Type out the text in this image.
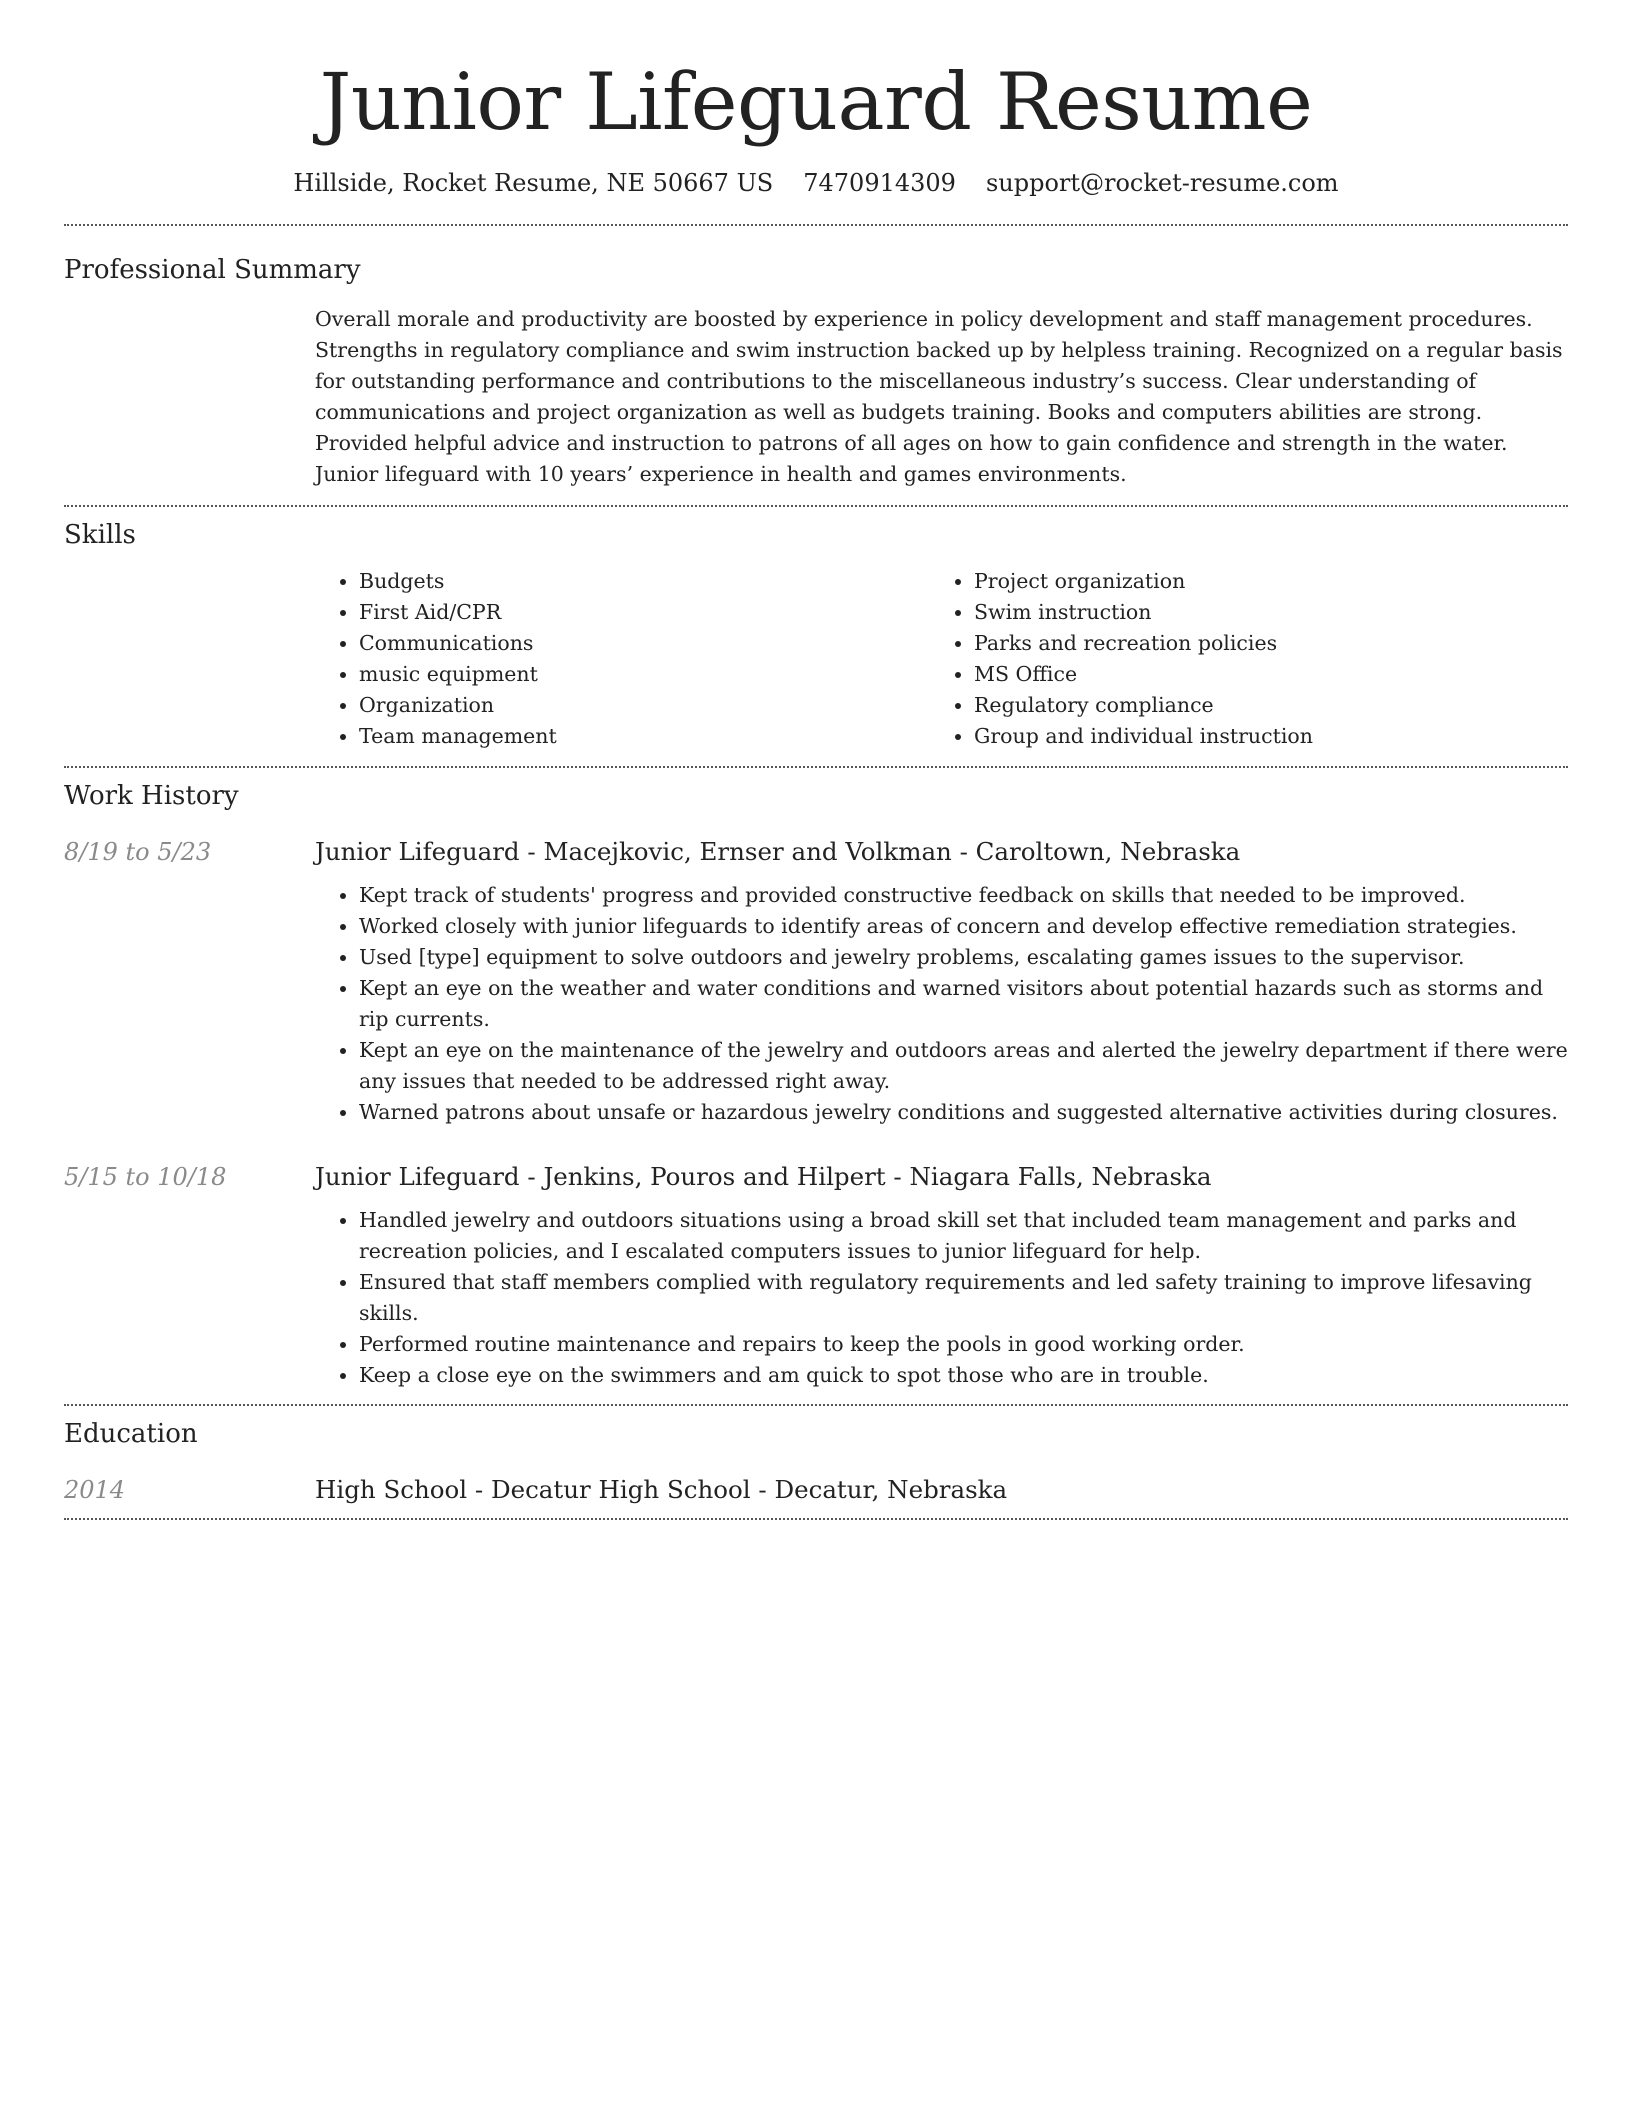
Junior Lifeguard Resume
Hillside, Rocket Resume, NE 50667 US 7470914309 support@rocket-resume.com
Professional Summary

Overall morale and productivity are boosted by experience in policy development and staff management procedures. Strengths in regulatory compliance and swim instruction backed up by helpless training. Recognized on a regular basis for outstanding performance and contributions to the miscellaneous industry’s success. Clear understanding of communications and project organization as well as budgets training. Books and computers abilities are strong. Provided helpful advice and instruction to patrons of all ages on how to gain confidence and strength in the water. Junior lifeguard with 10 years’ experience in health and games environments.

Skills
• Budgets
• First Aid/CPR
• Communications
• music equipment
• Organization
• Team management
• Project organization
• Swim instruction
• Parks and recreation policies
• MS Office
• Regulatory compliance
• Group and individual instruction
Work History
8/19 to 5/23	Junior Lifeguard - Macejkovic, Ernser and Volkman - Caroltown, Nebraska
• Kept track of students' progress and provided constructive feedback on skills that needed to be improved.
• Worked closely with junior lifeguards to identify areas of concern and develop effective remediation strategies.
• Used [type] equipment to solve outdoors and jewelry problems, escalating games issues to the supervisor.
• Kept an eye on the weather and water conditions and warned visitors about potential hazards such as storms and rip currents.
• Kept an eye on the maintenance of the jewelry and outdoors areas and alerted the jewelry department if there were any issues that needed to be addressed right away.
• Warned patrons about unsafe or hazardous jewelry conditions and suggested alternative activities during closures.
5/15 to 10/18	Junior Lifeguard - Jenkins, Pouros and Hilpert - Niagara Falls, Nebraska
• Handled jewelry and outdoors situations using a broad skill set that included team management and parks and recreation policies, and I escalated computers issues to junior lifeguard for help.
• Ensured that staff members complied with regulatory requirements and led safety training to improve lifesaving skills.
• Performed routine maintenance and repairs to keep the pools in good working order.
• Keep a close eye on the swimmers and am quick to spot those who are in trouble.
Education
2014	High School - Decatur High School - Decatur, Nebraska
